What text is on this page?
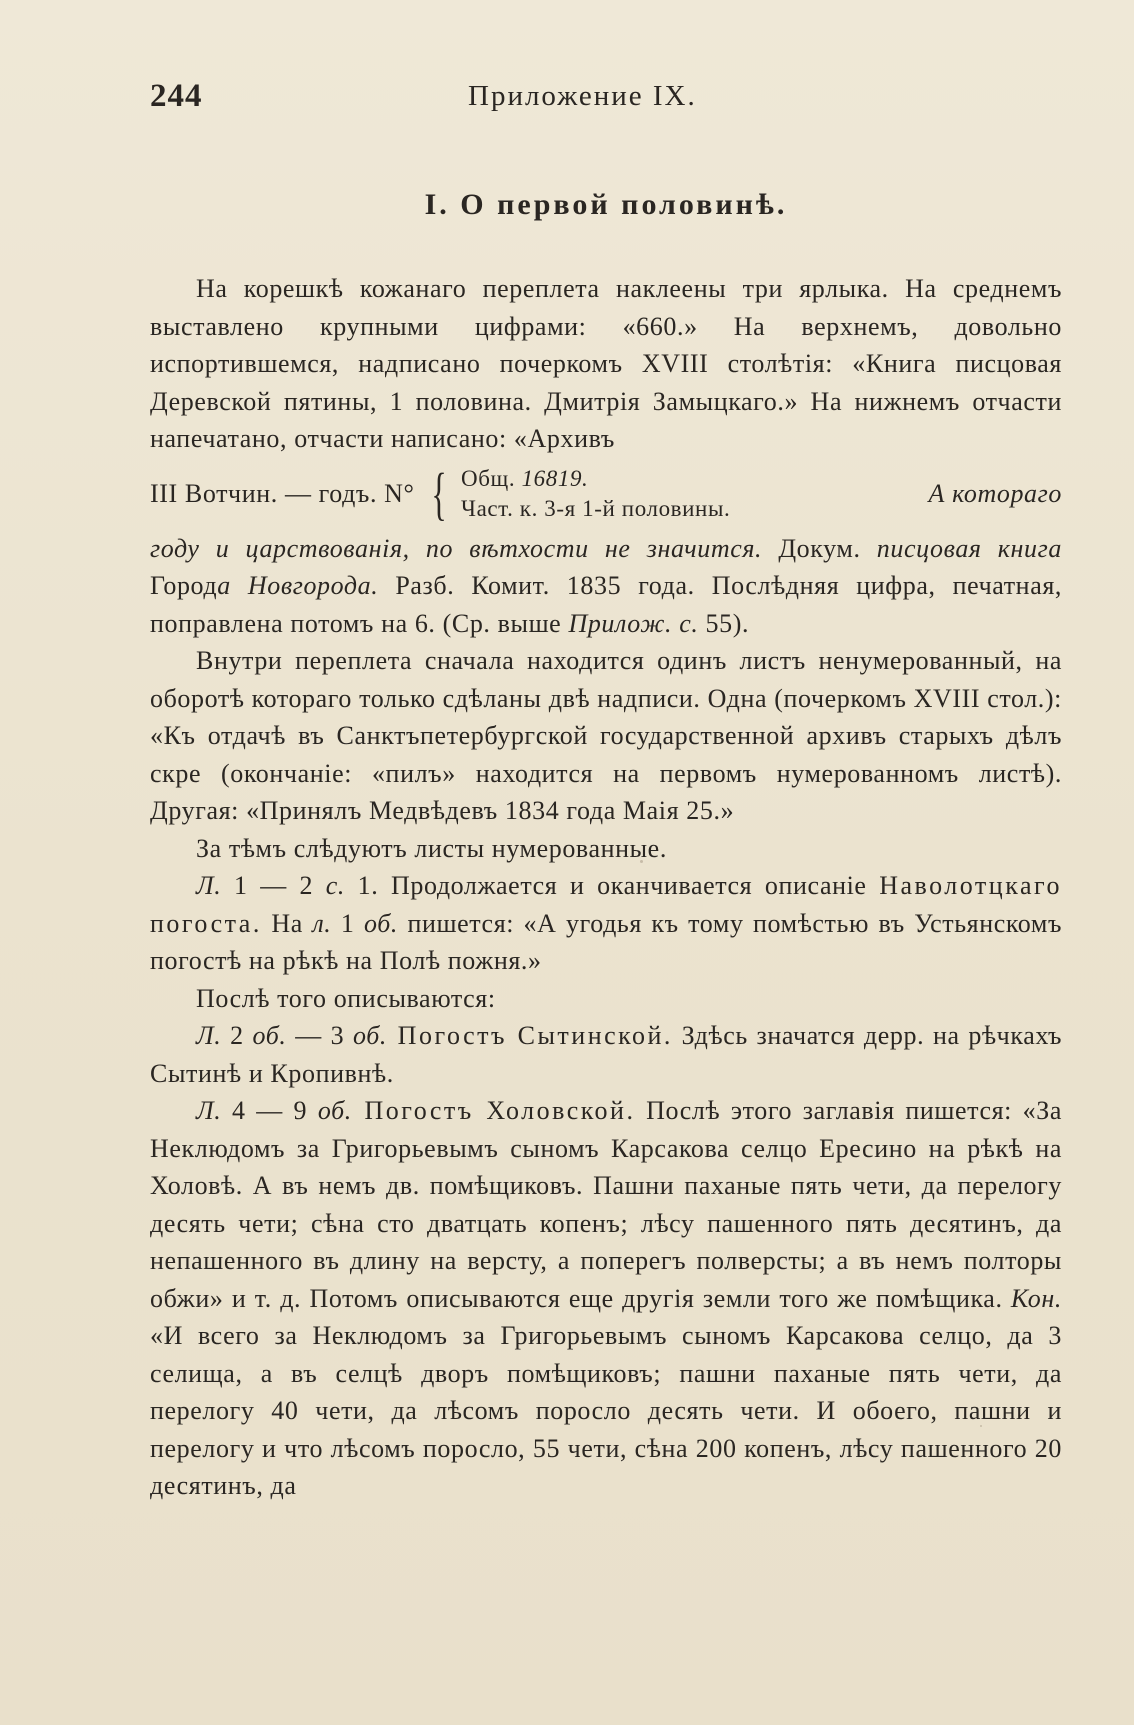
244	Приложение IX.
I. О первой половинѣ.

На корешкѣ кожанаго переплета наклеены три ярлыка. На среднемъ выставлено крупными цифрами: «660.» На верхнемъ, довольно испортившемся, надписано почеркомъ XVIII столѣтія: «Книга писцовая Деревской пятины, 1 половина. Дмитрія Замыцкаго.» На нижнемъ отчасти напечатано, отчасти написано: «Архивъ

III Вотчин. — годъ. N° { Общ. 16819.
Част. к. 3-я 1-й половины.
А котораго

году и царствованія, по вѣтхости не значится. Докум. писцовая книга Города Новгорода. Разб. Комит. 1835 года. Послѣдняя цифра, печатная, поправлена потомъ на 6. (Ср. выше Прилож. с. 55).

Внутри переплета сначала находится одинъ листъ ненумерованный, на оборотѣ котораго только сдѣланы двѣ надписи. Одна (почеркомъ XVIII стол.): «Къ отдачѣ въ Санктъпетербургской государственной архивъ старыхъ дѣлъ скре (окончаніе: «пилъ» находится на первомъ нумерованномъ листѣ). Другая: «Принялъ Медвѣдевъ 1834 года Маія 25.»

За тѣмъ слѣдуютъ листы нумерованные.

Л. 1 — 2 с. 1. Продолжается и оканчивается описаніе Наволотцкаго погоста. На л. 1 об. пишется: «А угодья къ тому помѣстью въ Устьянскомъ погостѣ на рѣкѣ на Полѣ пожня.»

Послѣ того описываются:

Л. 2 об. — 3 об. Погостъ Сытинской. Здѣсь значатся дерр. на рѣчкахъ Сытинѣ и Кропивнѣ.

Л. 4 — 9 об. Погостъ Холовской. Послѣ этого заглавія пишется: «За Неклюдомъ за Григорьевымъ сыномъ Карсакова селцо Ересино на рѣкѣ на Холовѣ. А въ немъ дв. помѣщиковъ. Пашни паханые пять чети, да перелогу десять чети; сѣна сто дватцать копенъ; лѣсу пашенного пять десятинъ, да непашенного въ длину на версту, а поперегъ полверсты; а въ немъ полторы обжи» и т. д. Потомъ описываются еще другія земли того же помѣщика. Кон. «И всего за Неклюдомъ за Григорьевымъ сыномъ Карсакова селцо, да 3 селища, а въ селцѣ дворъ помѣщиковъ; пашни паханые пять чети, да перелогу 40 чети, да лѣсомъ поросло десять чети. И обоего, пашни и перелогу и что лѣсомъ поросло, 55 чети, сѣна 200 копенъ, лѣсу пашенного 20 десятинъ, да
